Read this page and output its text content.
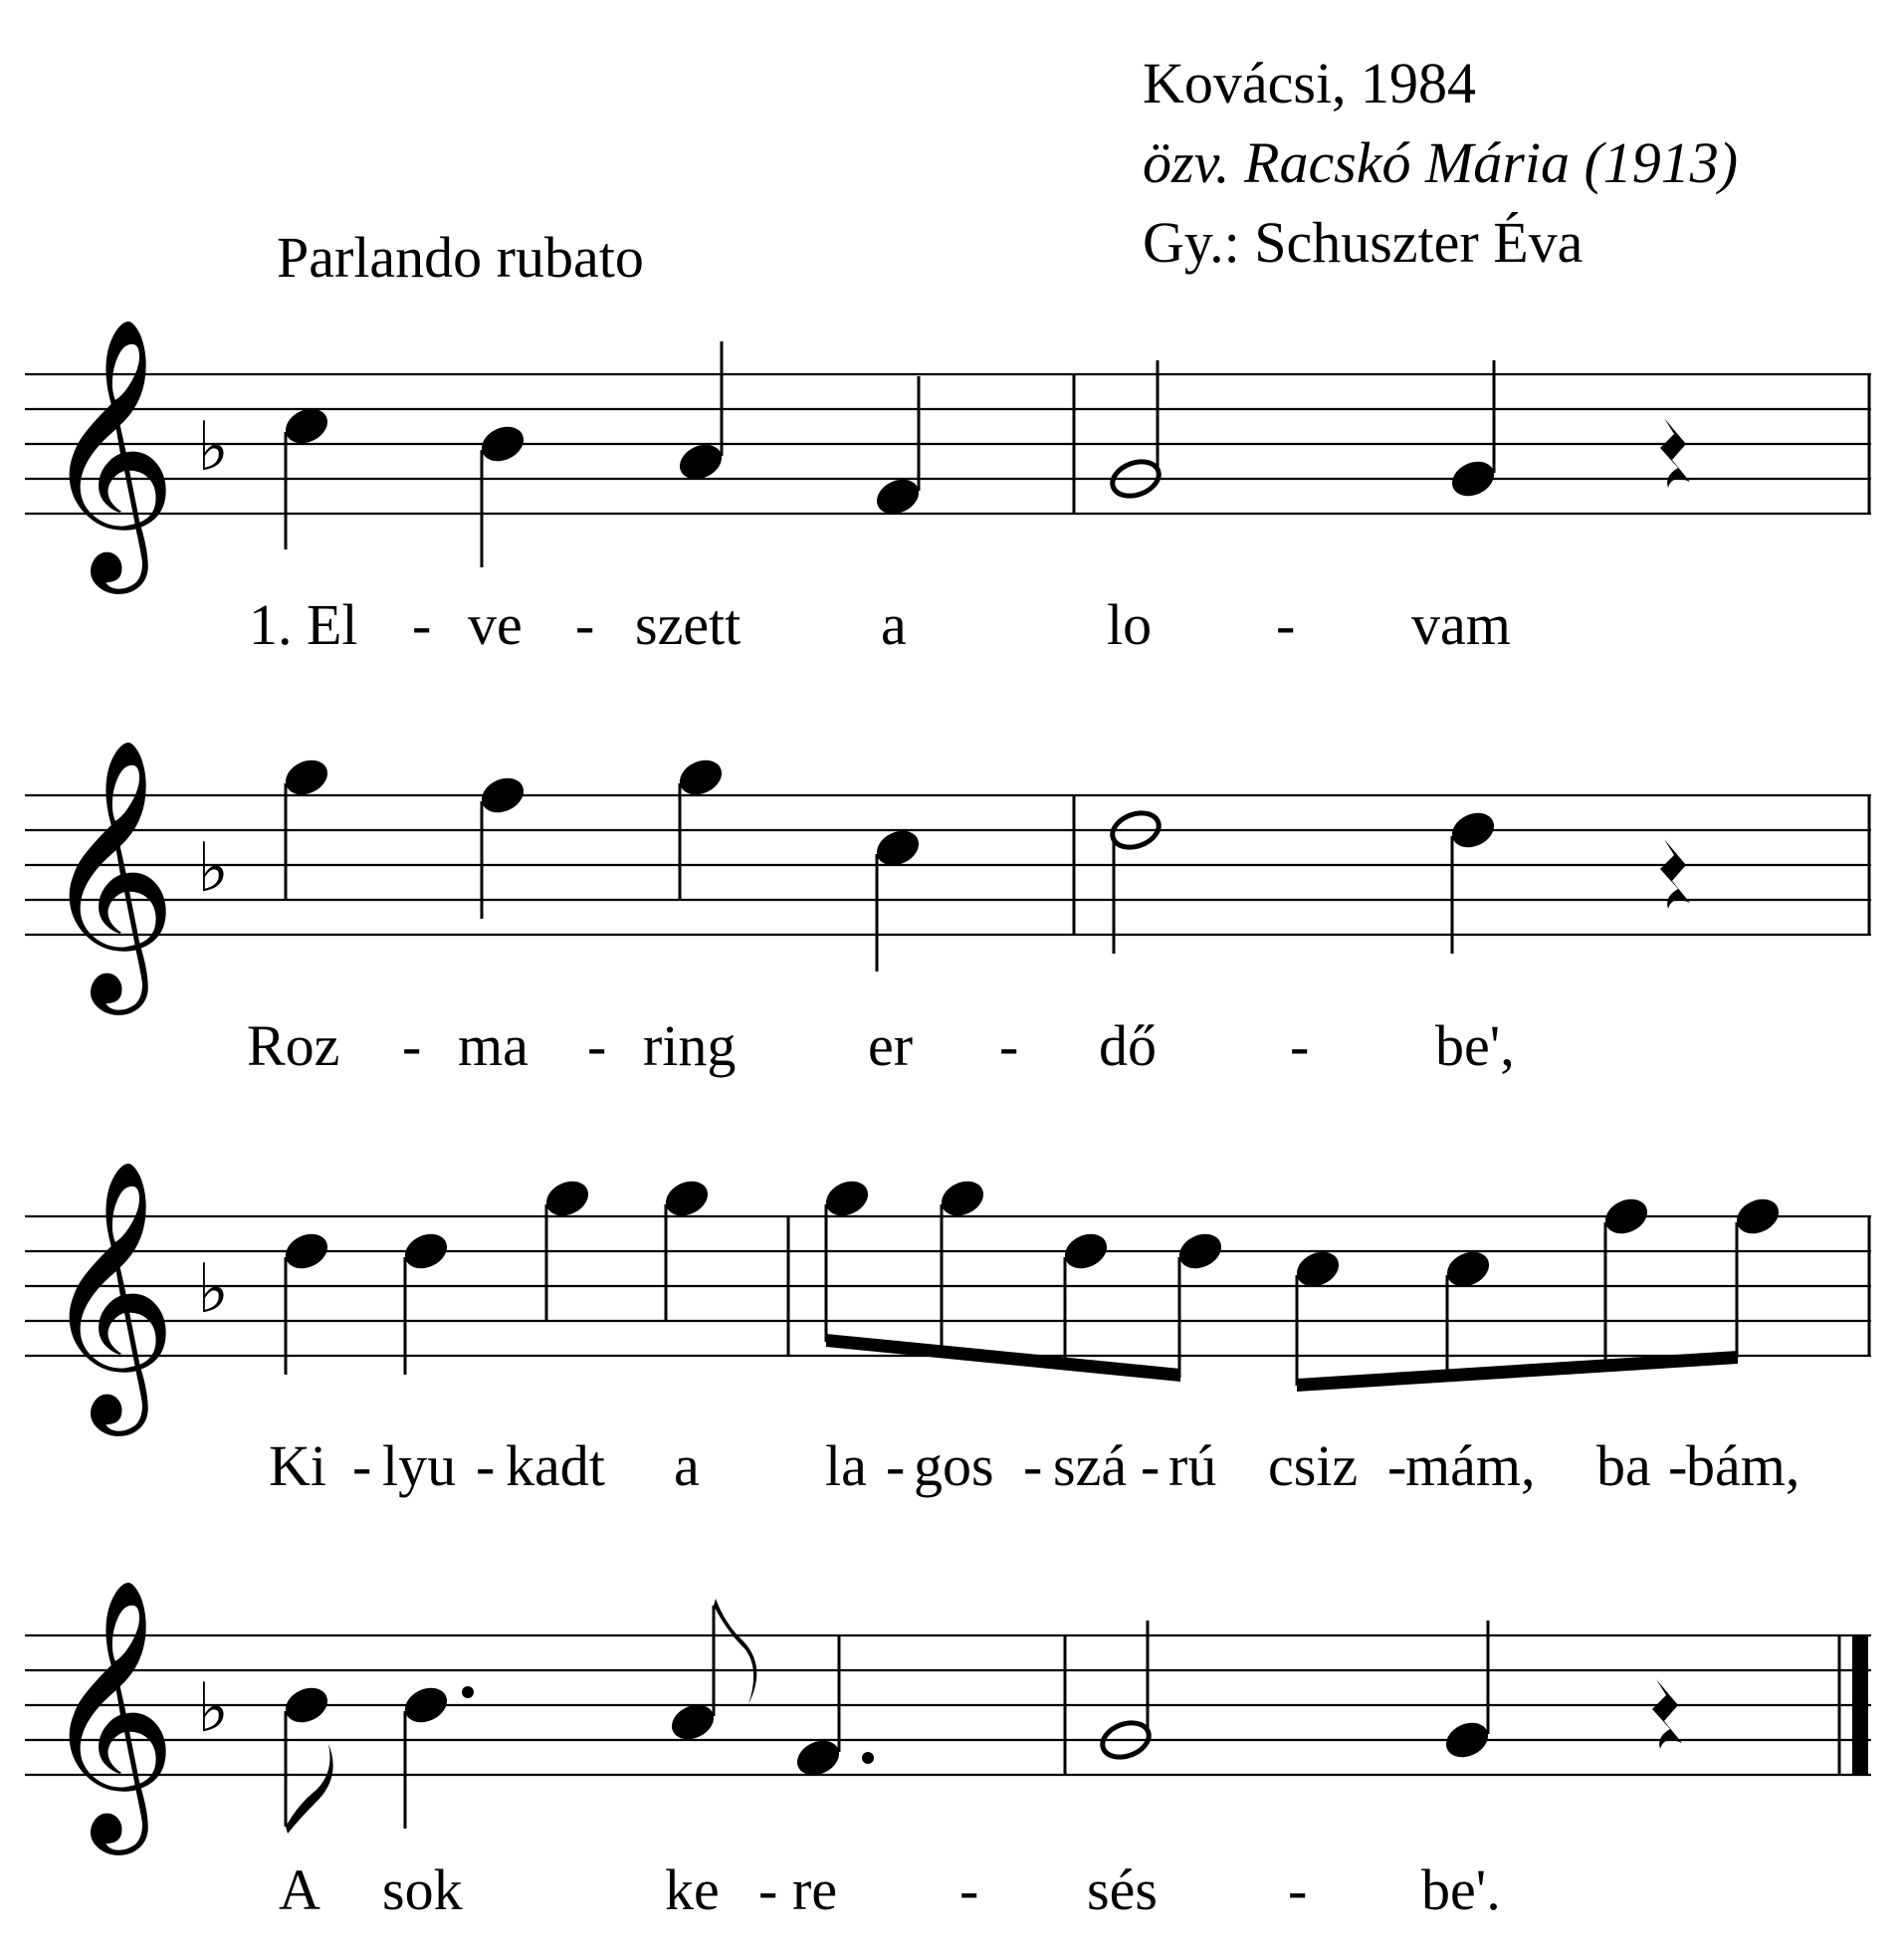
Kovácsi, 1984
özv. Racskó Mária (1913)
Gy.: Schuszter Éva
Parlando rubato
𝄞 ♭
1. El - ve - szett a	lo - vam
𝄞 ♭
Roz - ma - ring er - dő - be',
𝄞 ♭
Ki - lyu - kadt a la - gos - szá - rú csiz -
mám, ba -
bám,
𝄞 ♭
A sok	ke - re - sés - be'.
